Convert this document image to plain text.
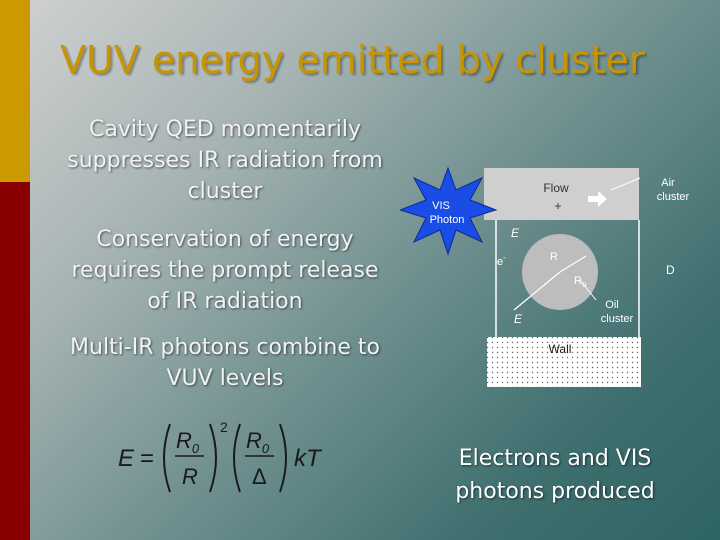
VUV energy emitted by cluster
Cavity QED momentarily suppresses IR radiation from cluster
Conservation of energy requires the prompt release of IR radiation
Multi-IR photons combine to VUV levels
Flow
+
Air
cluster
VIS
Photon
E
e-	R
$R_o$
D
E
Oil
cluster
Wall
E =
$R_0$
R
2
$R_0$
Δ
kT	Electrons and VIS photons produced
